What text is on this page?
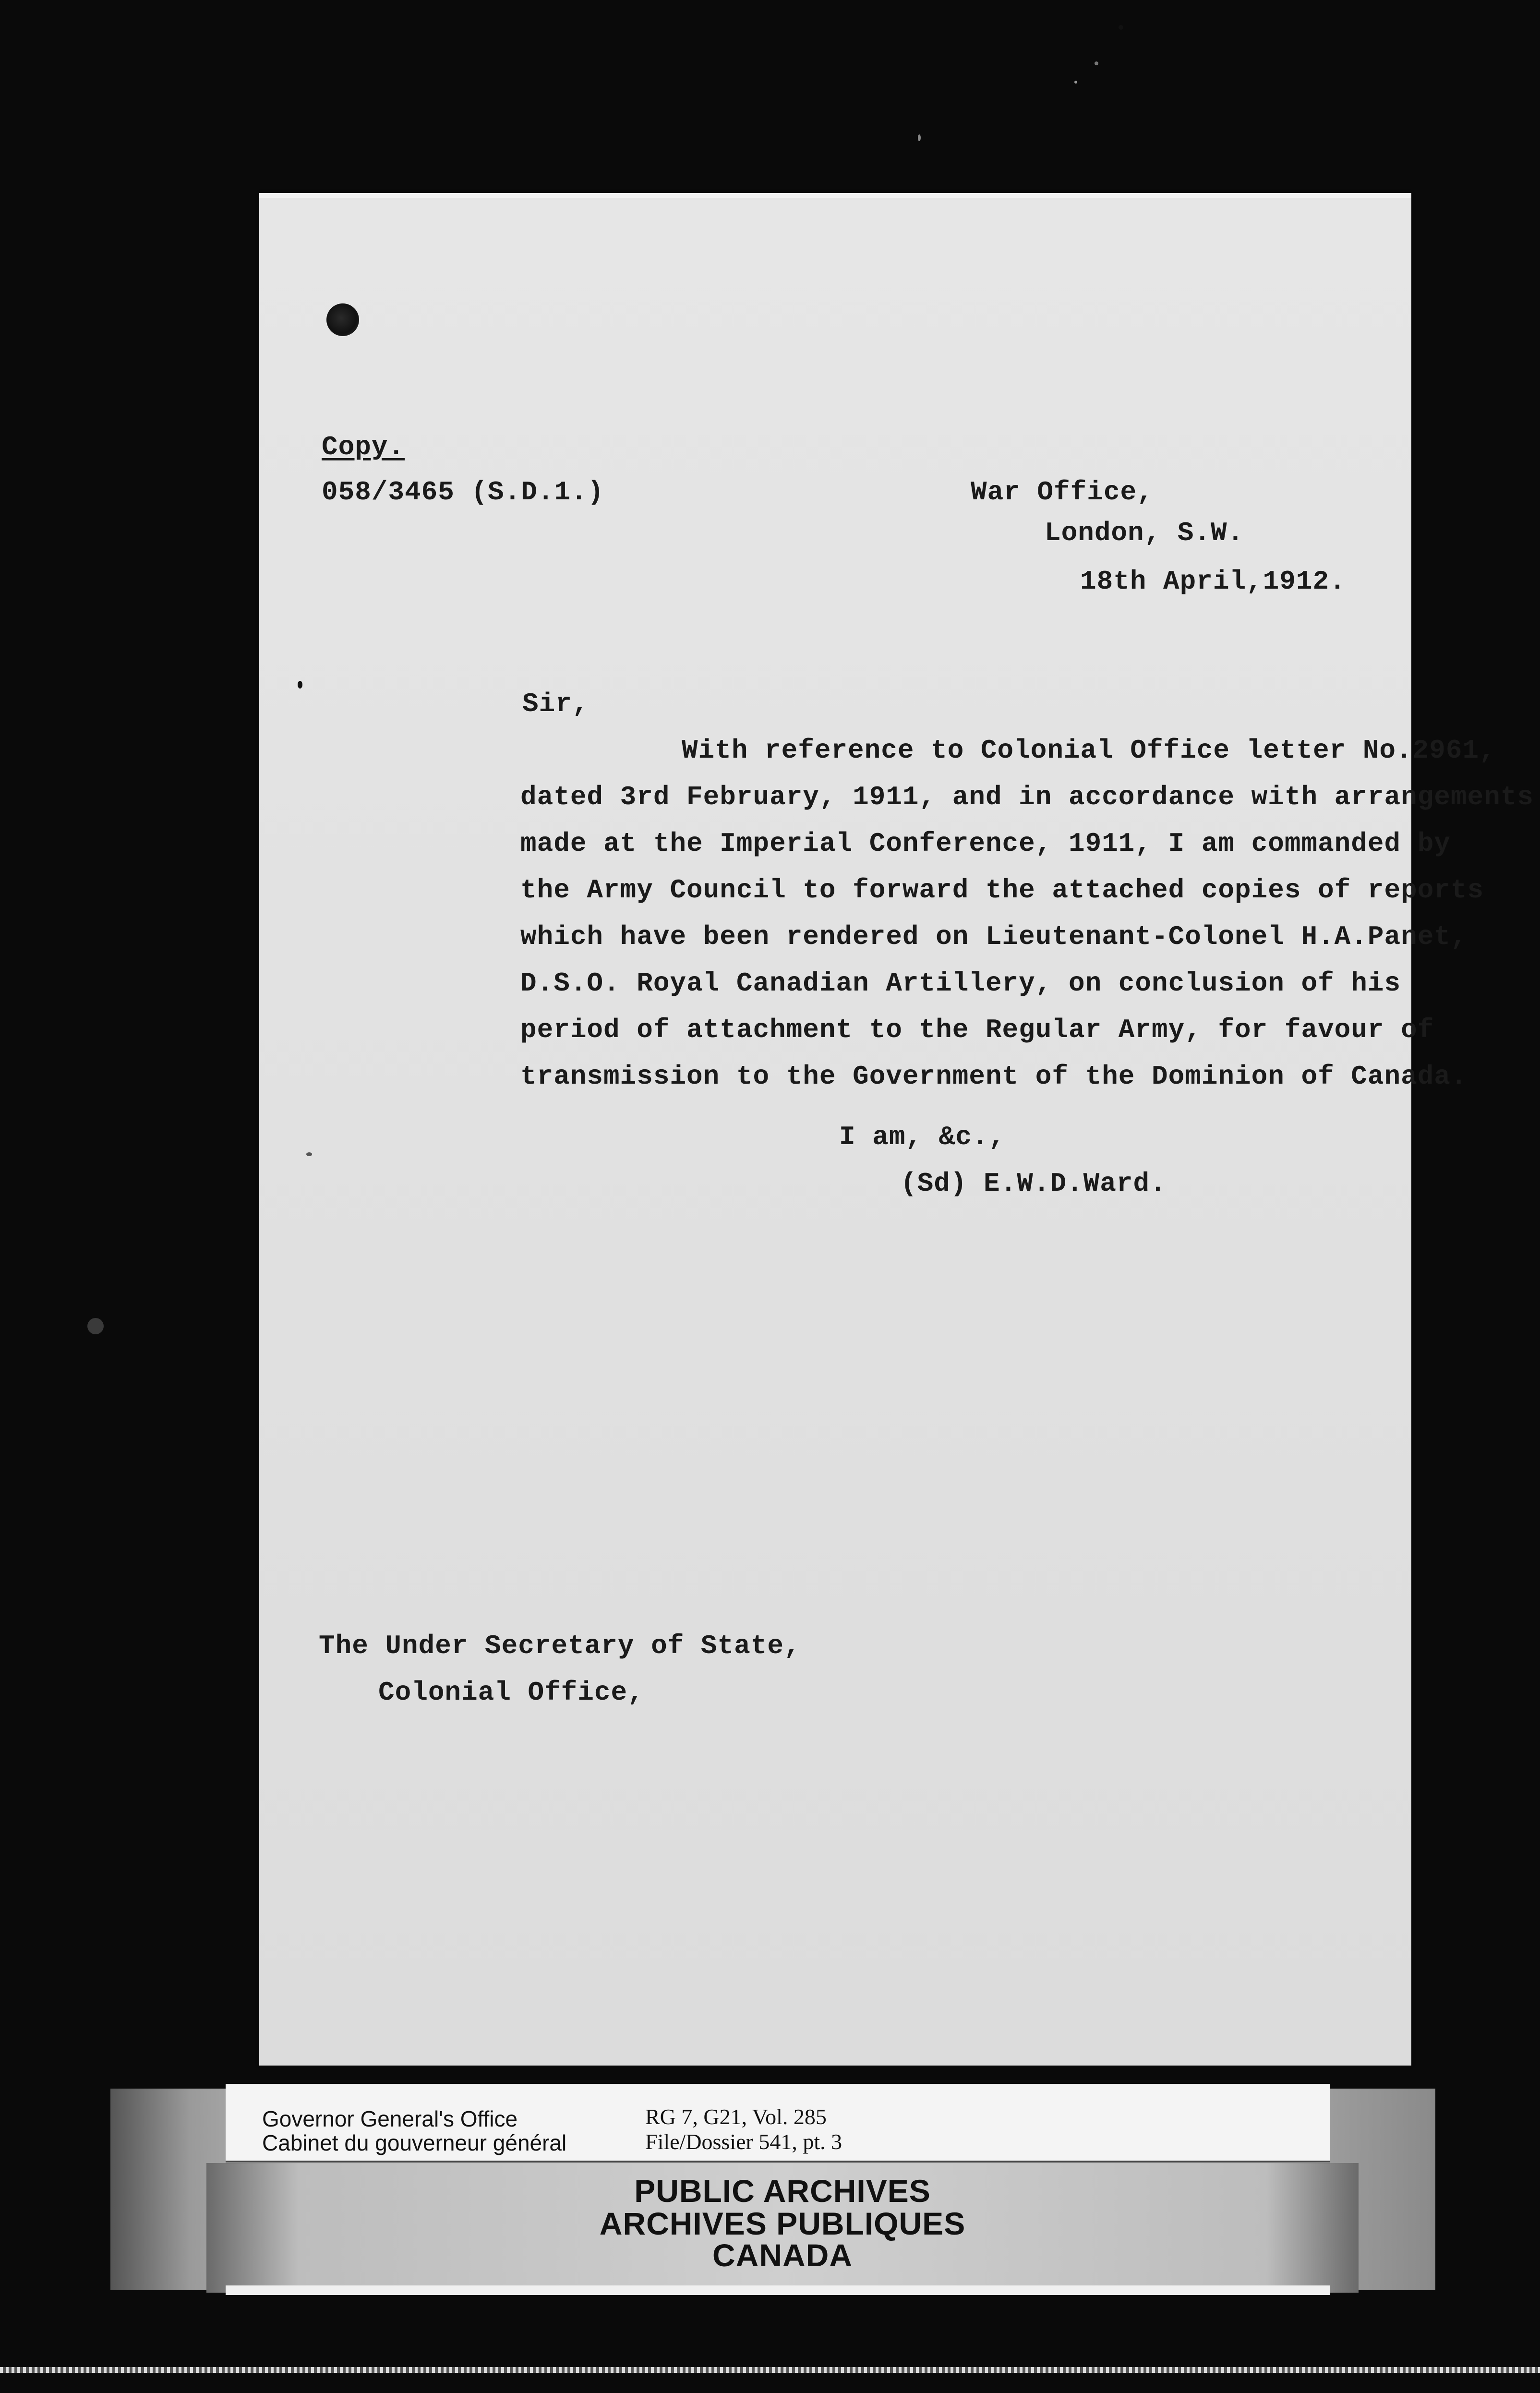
Copy.
058/3465 (S.D.1.)	War Office,
London, S.W.
18th April,1912.
Sir,
With reference to Colonial Office letter No.2961,
dated 3rd February, 1911, and in accordance with arrangements
made at the Imperial Conference, 1911, I am commanded by
the Army Council to forward the attached copies of reports
which have been rendered on Lieutenant-Colonel H.A.Panet,
D.S.O. Royal Canadian Artillery, on conclusion of his
period of attachment to the Regular Army, for favour of
transmission to the Government of the Dominion of Canada.
I am, &c.,
(Sd) E.W.D.Ward.
The Under Secretary of State,
Colonial Office,
Governor General's Office
Cabinet du gouverneur général
RG 7, G21, Vol. 285
File/Dossier 541, pt. 3
PUBLIC ARCHIVES
ARCHIVES PUBLIQUES
CANADA
